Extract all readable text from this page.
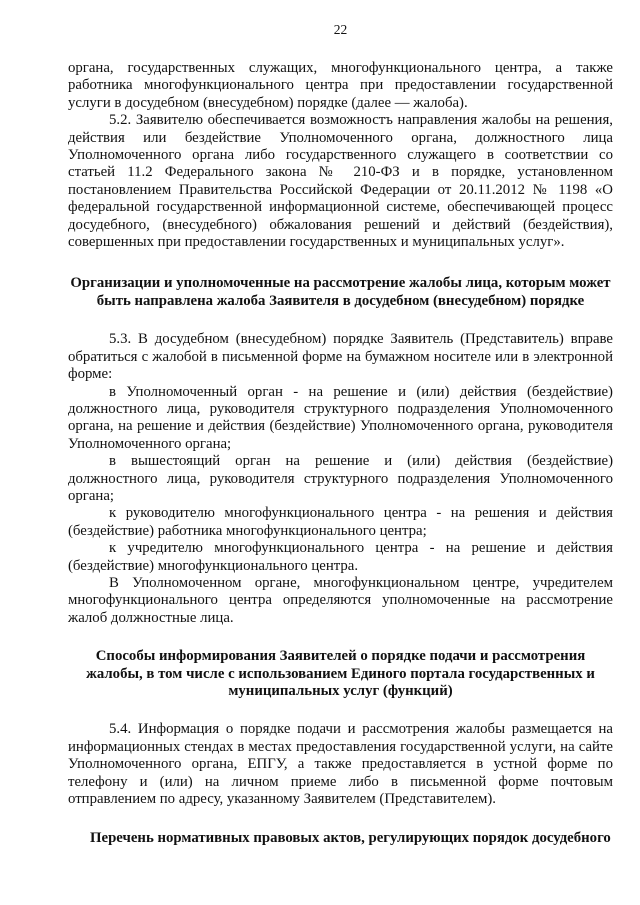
22

органа, государственных служащих, многофункционального центра, а также работника многофункционального центра при предоставлении государственной услуги в досудебном (внесудебном) порядке (далее — жалоба).

5.2. Заявителю обеспечивается возможностъ направления жалобы на решения, действия или бездействие Уполномоченного органа, должностного лица Уполномоченного органа либо государственного служащего в соответствии со статьей 11.2 Федерального закона № 210-ФЗ и в порядке, установленном постановлением Правительства Российской Федерации от 20.11.2012 № 1198 «О федеральной государственной информационной системе, обеспечивающей процесс досудебного, (внесудебного) обжалования решений и действий (бездействия), совершенных при предоставлении государственных и муниципальных услуг».

Организации и уполномоченные на рассмотрение жалобы лица, которым может быть направлена жалоба Заявителя в досудебном (внесудебном) порядке

5.3. В досудебном (внесудебном) порядке Заявитель (Представитель) вправе обратиться с жалобой в письменной форме на бумажном носителе или в электронной форме:

в Уполномоченный орган - на решение и (или) действия (бездействие) должностного лица, руководителя структурного подразделения Уполномоченного органа, на решение и действия (бездействие) Уполномоченного органа, руководителя Уполномоченного органа;

в вышестоящий орган на решение и (или) действия (бездействие) должностного лица, руководителя структурного подразделения Уполномоченного органа;

к руководителю многофункционального центра - на решения и действия (бездействие) работника многофункционального центра;

к учредителю многофункционального центра - на решение и действия (бездействие) многофункционального центра.

В Уполномоченном органе, многофункциональном центре, учредителем многофункционального центра определяются уполномоченные на рассмотрение жалоб должностные лица.

Способы информирования Заявителей о порядке подачи и рассмотрения жалобы, в том числе с использованием Единого портала государственных и муниципальных услуг (функций)

5.4. Информация о порядке подачи и рассмотрения жалобы размещается на информационных стендах в местах предоставления государственной услуги, на сайте Уполномоченного органа, ЕПГУ, а также предоставляется в устной форме по телефону и (или) на личном приеме либо в письменной форме почтовым отправлением по адресу, указанному Заявителем (Представителем).

Перечень нормативных правовых актов, регулирующих порядок досудебного
